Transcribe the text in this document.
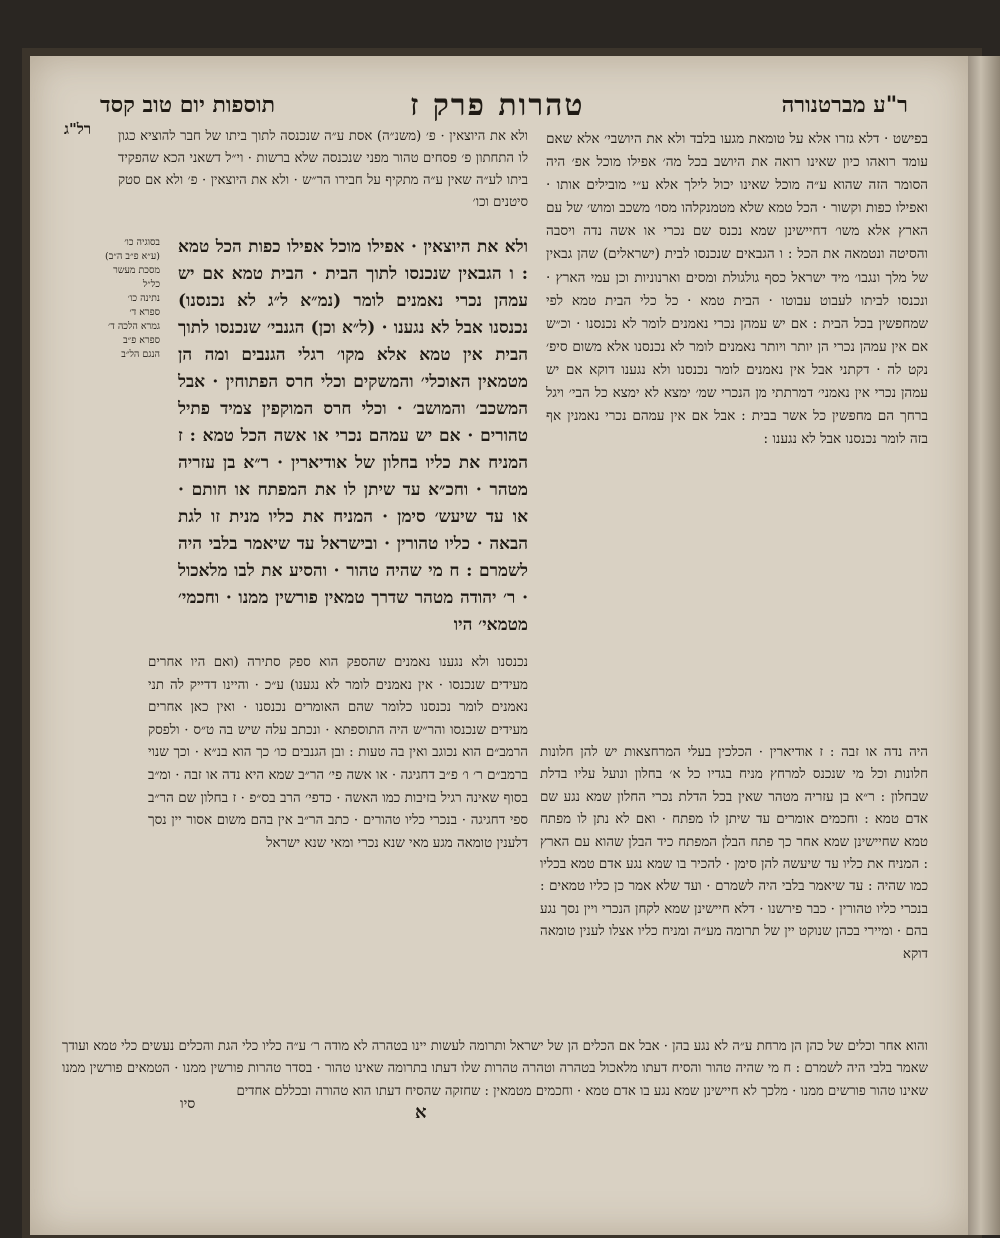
ר"ע מברטנורה
טהרות פרק ז
תוספות יום טוב קסד
רל"ג ולא את היוצאין · פ׳ (משנ״ה) אסת ע״ה שנכנסה לתוך ביתו של חבר להוציא כגון לו התחתון פ׳ פסחים טהור מפני שנכנסה שלא ברשות · וי״ל דשאני הכא שהפקיד ביתו לע״ה שאין ע״ה מתקיף על חבירו הר״ש · ולא את היוצאין · פ׳ ולא אם סטק סיטנים וכו׳

בפישט · דלא גזרו אלא על טומאת מגעו בלבד ולא את היושבי׳ אלא שאם עומד רואהו כיון שאינו רואה את היושב בכל מה׳ אפילו מוכל אפ׳ היה הסומר הזה שהוא ע״ה מוכל שאינו יכול לילך אלא ע״י מובילים אותו · ואפילו כפות וקשור · הכל טמא שלא מטמנקלהו מסו׳ משכב ומוש׳ של עם הארץ אלא משו׳ דחיישינן שמא נכנס שם נכרי או אשה נדה ויסבה והסיטה ונטמאה את הכל : ו הגבאים שנכנסו לבית (ישראלים) שהן גבאין של מלך ונגבו׳ מיד ישראל כסף גולגולת ומסים וארנוניות וכן עמי הארץ · ונכנסו לביתו לעבוט עבוטו · הבית טמא · כל כלי הבית טמא לפי שמחפשין בכל הבית : אם יש עמהן נכרי נאמנים לומר לא נכנסנו · וכ״ש אם אין עמהן נכרי הן יותר ויותר נאמנים לומר לא נכנסנו אלא משום סיפ׳ נקט לה · דקתני אבל אין נאמנים לומר נכנסנו ולא נגענו דוקא אם יש עמהן נכרי אין נאמני׳ דמרתתי מן הנכרי שמ׳ ימצא לא ימצא כל הבי׳ ויגל ברחך הם מחפשין כל אשר בבית : אבל אם אין עמהם נכרי נאמנין אף בזה לומר נכנסנו אבל לא נגענו :

ולא את היוצאין · אפילו מוכל אפילו כפות הכל טמא : ו הגבאין שנכנסו לתוך הבית · הבית טמא אם יש עמהן נכרי נאמנים לומר (נמ״א ל״ג לא נכנסנו) נכנסנו אבל לא נגענו · (ל״א וכן) הגנבי׳ שנכנסו לתוך הבית אין טמא אלא מקו׳ רגלי הגנבים ומה הן מטמאין האוכלי׳ והמשקים וכלי חרס הפתוחין · אבל המשכב׳ והמושב׳ · וכלי חרס המוקפין צמיד פתיל טהורים · אם יש עמהם נכרי או אשה הכל טמא : ז המניח את כליו בחלון של אודיארין · ר״א בן עזריה מטהר · וחכ״א עד שיתן לו את המפתח או חותם · או עד שיעש׳ סימן · המניח את כליו מנית זו לגת הבאה · כליו טהורין · ובישראל עד שיאמר בלבי היה לשמרם : ח מי שהיה טהור · והסיע את לבו מלאכול · ר׳ יהודה מטהר שדרך טמאין פורשין ממנו · וחכמי׳ מטמאי׳ היו

נכנסנו ולא נגענו נאמנים שהספק הוא ספק סתירה (ואם היו אחרים מעידים שנכנסו · אין נאמנים לומר לא נגענו) ע״כ · והיינו דדייק לה תני נאמנים לומר נכנסנו כלומר שהם האומרים נכנסנו · ואין כאן אחרים מעידים שנכנסו והר״ש היה התוספתא · ונכתב עלה שיש בה ט״ס · ולפסק הרמב״ם הוא נכוגב ואין בה טעות : ובן הגנבים כו׳ כך הוא בנ״א · וכך שנוי ברמב״ם ר׳ ו׳ פ״ב דחגיגה · או אשה פי׳ הר״ב שמא היא נדה או זבה · ומ״ב בסוף שאינה רגיל בזיבות כמו האשה · כדפי׳ הרב בס״פ · ז בחלון שם הר״ב ספי דחגיגה · בנכרי כליו טהורים · כתב הר״ב אין בהם משום אסור יין נסך דלענין טומאה מגע מאי שנא נכרי ומאי שנא ישראל

היה נדה או זבה : ז אודיארין · הכלכין בעלי המרחצאות יש להן חלונות חלונות וכל מי שנכנס למרחץ מניח בגדיו כל א׳ בחלון ונועל עליו בדלת שבחלון : ר״א בן עזריה מטהר שאין בכל הדלת נכרי החלון שמא נגע שם אדם טמא : וחכמים אומרים עד שיתן לו מפתח · ואם לא נתן לו מפתח טמא שחיישינן שמא אחר כך פתח הבלן המפתח כיד הבלן שהוא עם הארץ : המניח את כליו עד שיעשה להן סימן · להכיר בו שמא נגע אדם טמא בכליו כמו שהיה : עד שיאמר בלבי היה לשמרם · ועד שלא אמר כן כליו טמאים : בנכרי כליו טהורין · כבר פירשנו · דלא חיישינן שמא לקחן הנכרי ויין נסך נגע בהם · ומיירי בכהן שנוקט יין של תרומה מע״ה ומניח כליו אצלו לענין טומאה דוקא

והוא אחר וכלים של כהן הן מרחת ע״ה לא נגע בהן · אבל אם הכלים הן של ישראל ותרומה לעשות יינו בטהרה לא מודה ר׳ ע״ה כליו כלי הגת והכלים נעשים כלי טמא ועודך שאמר בלבי היה לשמרם : ח מי שהיה טהור והסיח דעתו מלאכול בטהרה וטהרה טהרות שלו דעתו בתרומה שאינו טהור · בסדר טהרות פורשין ממנו · הטמאים פורשין ממנו שאינו טהור פורשים ממנו · מלכך לא חיישינן שמא נגע בו אדם טמא · וחכמים מטמאין : שחזקה שהסיח דעתו הוא טהורה ובכללם אחדים

בסוגיה כו׳
(ע״א פ״ב ה״ב)
מסכת מעשר
כל״ל
נתינה כו׳
ספרא ד׳
גמרא הלכה ד׳
ספרא פ״ב
הנגם הל״ב
סיו	א
